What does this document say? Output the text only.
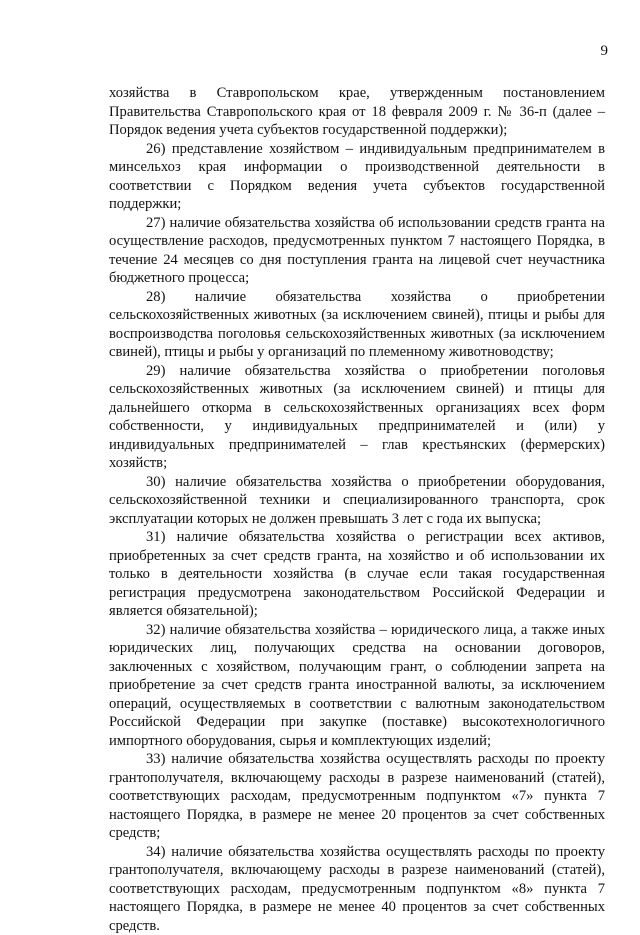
9

хозяйства в Ставропольском крае, утвержденным постановлением Правительства Ставропольского края от 18 февраля 2009 г. № 36-п (далее – Порядок ведения учета субъектов государственной поддержки);

26) представление хозяйством – индивидуальным предпринимателем в минсельхоз края информации о производственной деятельности в соответствии с Порядком ведения учета субъектов государственной поддержки;

27) наличие обязательства хозяйства об использовании средств гранта на осуществление расходов, предусмотренных пунктом 7 настоящего Порядка, в течение 24 месяцев со дня поступления гранта на лицевой счет неучастника бюджетного процесса;

28) наличие обязательства хозяйства о приобретении сельскохозяйственных животных (за исключением свиней), птицы и рыбы для воспроизводства поголовья сельскохозяйственных животных (за исключением свиней), птицы и рыбы у организаций по племенному животноводству;

29) наличие обязательства хозяйства о приобретении поголовья сельскохозяйственных животных (за исключением свиней) и птицы для дальнейшего откорма в сельскохозяйственных организациях всех форм собственности, у индивидуальных предпринимателей и (или) у индивидуальных предпринимателей – глав крестьянских (фермерских) хозяйств;

30) наличие обязательства хозяйства о приобретении оборудования, сельскохозяйственной техники и специализированного транспорта, срок эксплуатации которых не должен превышать 3 лет с года их выпуска;

31) наличие обязательства хозяйства о регистрации всех активов, приобретенных за счет средств гранта, на хозяйство и об использовании их только в деятельности хозяйства (в случае если такая государственная регистрация предусмотрена законодательством Российской Федерации и является обязательной);

32) наличие обязательства хозяйства – юридического лица, а также иных юридических лиц, получающих средства на основании договоров, заключенных с хозяйством, получающим грант, о соблюдении запрета на приобретение за счет средств гранта иностранной валюты, за исключением операций, осуществляемых в соответствии с валютным законодательством Российской Федерации при закупке (поставке) высокотехнологичного импортного оборудования, сырья и комплектующих изделий;

33) наличие обязательства хозяйства осуществлять расходы по проекту грантополучателя, включающему расходы в разрезе наименований (статей), соответствующих расходам, предусмотренным подпунктом «7» пункта 7 настоящего Порядка, в размере не менее 20 процентов за счет собственных средств;

34) наличие обязательства хозяйства осуществлять расходы по проекту грантополучателя, включающему расходы в разрезе наименований (статей), соответствующих расходам, предусмотренным подпунктом «8» пункта 7 настоящего Порядка, в размере не менее 40 процентов за счет собственных средств.
